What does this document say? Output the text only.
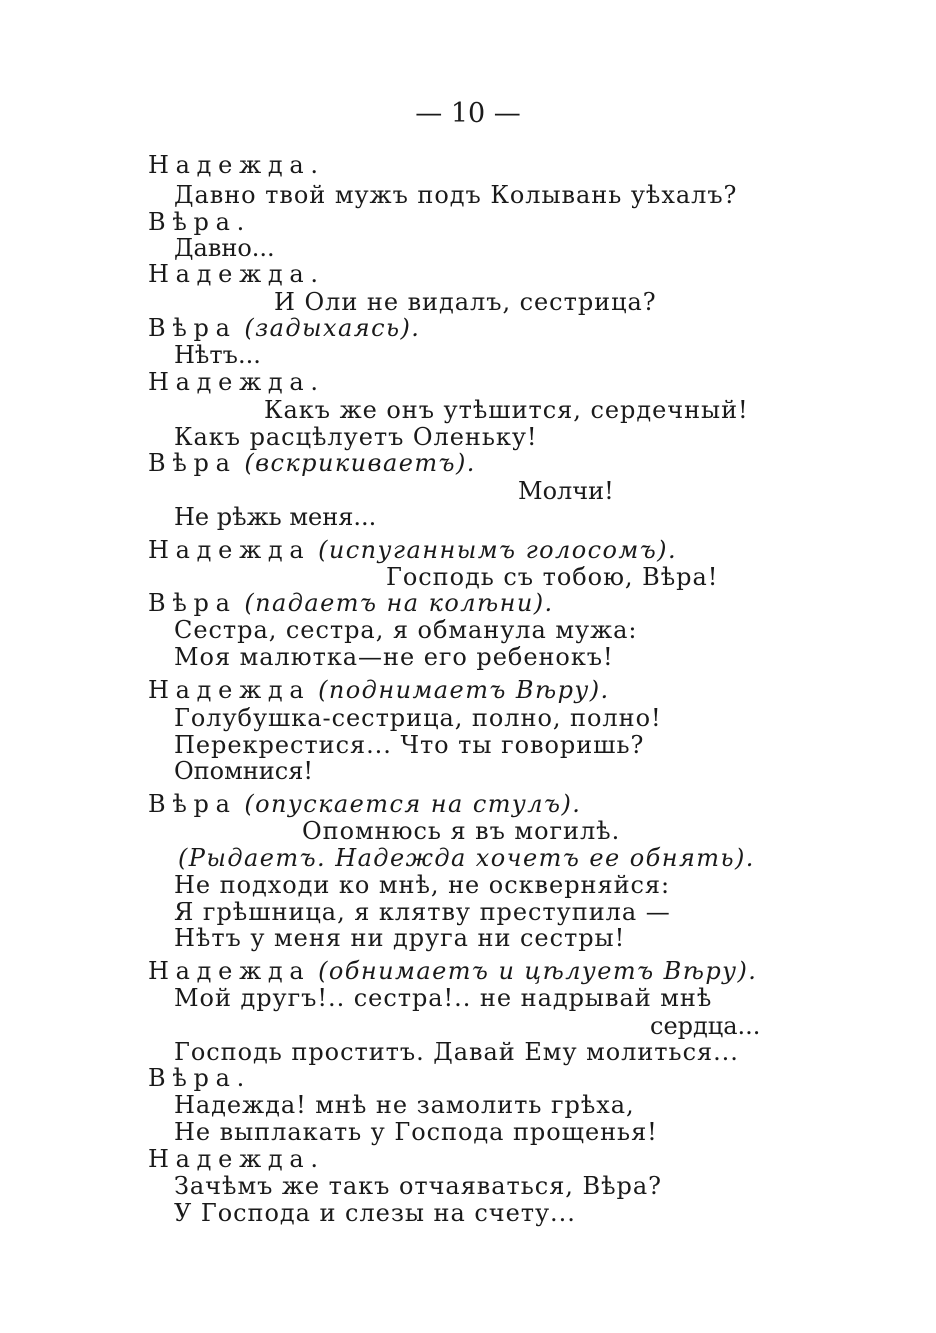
— 10 —
Надежда.
Давно твой мужъ подъ Колывань уѣхалъ?
Вѣра.
Давно...
Надежда.
И Оли не видалъ, сестрица?
Вѣра (задыхаясь).
Нѣтъ...
Надежда.
Какъ же онъ утѣшится, сердечный!
Какъ расцѣлуетъ Оленьку!
Вѣра (вскрикиваетъ).
Молчи!
Не рѣжь меня...
Надежда (испуганнымъ голосомъ).
Господь съ тобою, Вѣра!
Вѣра (падаетъ на колѣни).
Сестра, сестра, я обманула мужа:
Моя малютка—не его ребенокъ!
Надежда (поднимаетъ Вѣру).
Голубушка-сестрица, полно, полно!
Перекрестися... Что ты говоришь?
Опомнися!
Вѣра (опускается на стулъ).
Опомнюсь я въ могилѣ.
(Рыдаетъ. Надежда хочетъ ее обнять).
Не подходи ко мнѣ, не оскверняйся:
Я грѣшница, я клятву преступила —
Нѣтъ у меня ни друга ни сестры!
Надежда (обнимаетъ и цѣлуетъ Вѣру).
Мой другъ!.. сестра!.. не надрывай мнѣ
сердца...
Господь проститъ. Давай Ему молиться...
Вѣра.
Надежда! мнѣ не замолить грѣха,
Не выплакать у Господа прощенья!
Надежда.
Зачѣмъ же такъ отчаяваться, Вѣра?
У Господа и слезы на счету...
